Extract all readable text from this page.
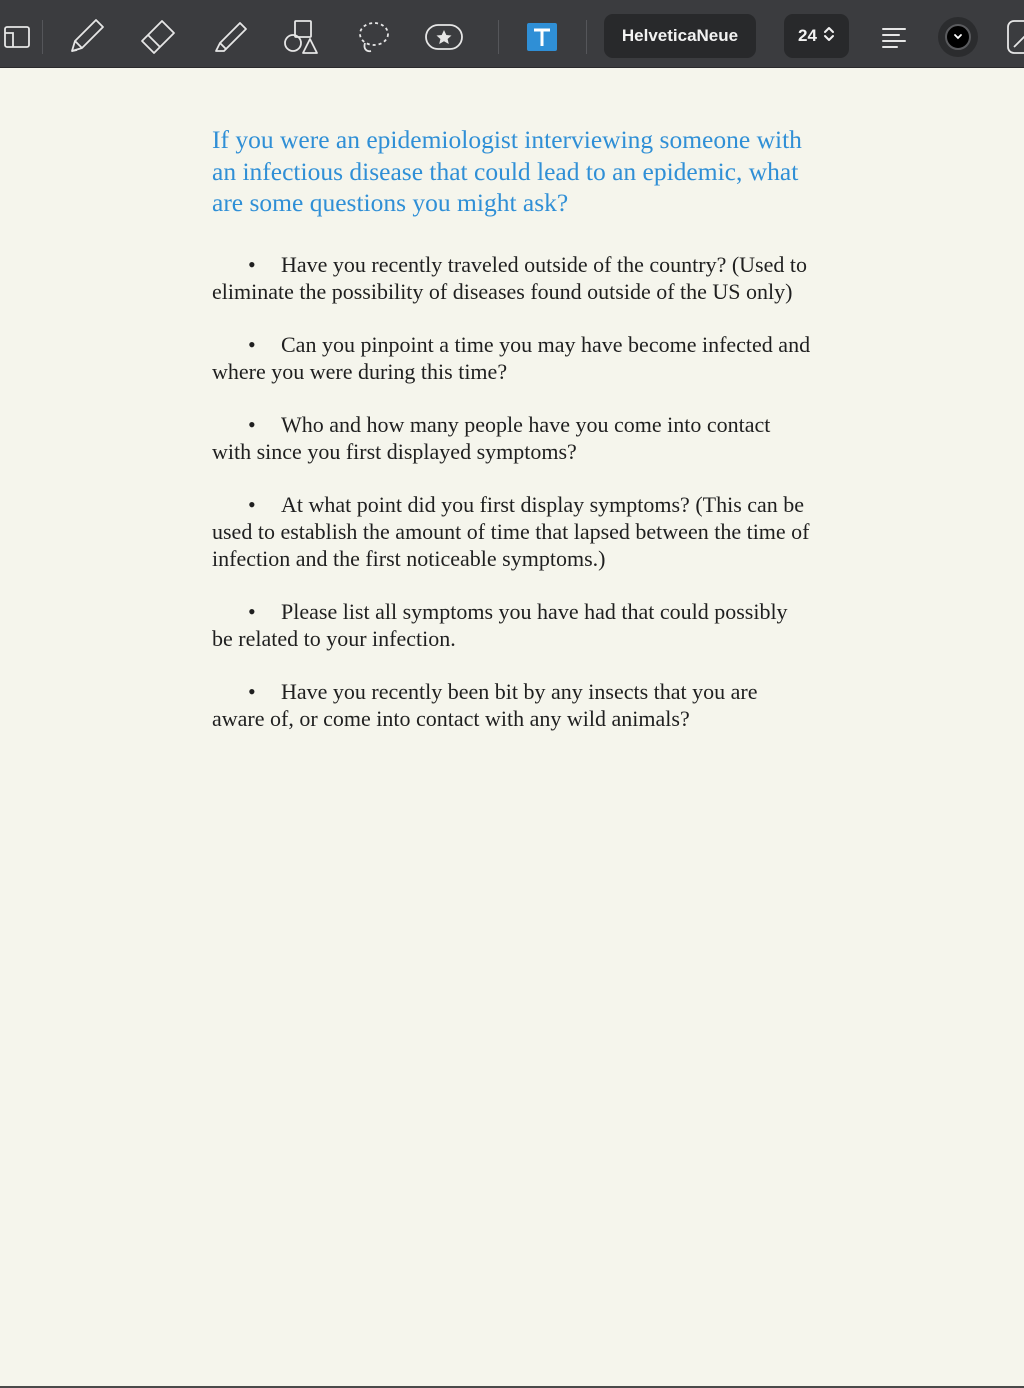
HelveticaNeue	24

If you were an epidemiologist interviewing someone with an infectious disease that could lead to an epidemic, what are some questions you might ask?

• Have you recently traveled outside of the country? (Used to eliminate the possibility of diseases found outside of the US only)

• Can you pinpoint a time you may have become infected and where you were during this time?

• Who and how many people have you come into contact with since you first displayed symptoms?

• At what point did you first display symptoms? (This can be used to establish the amount of time that lapsed between the time of infection and the first noticeable symptoms.)

• Please list all symptoms you have had that could possibly be related to your infection.

• Have you recently been bit by any insects that you are aware of, or come into contact with any wild animals?
